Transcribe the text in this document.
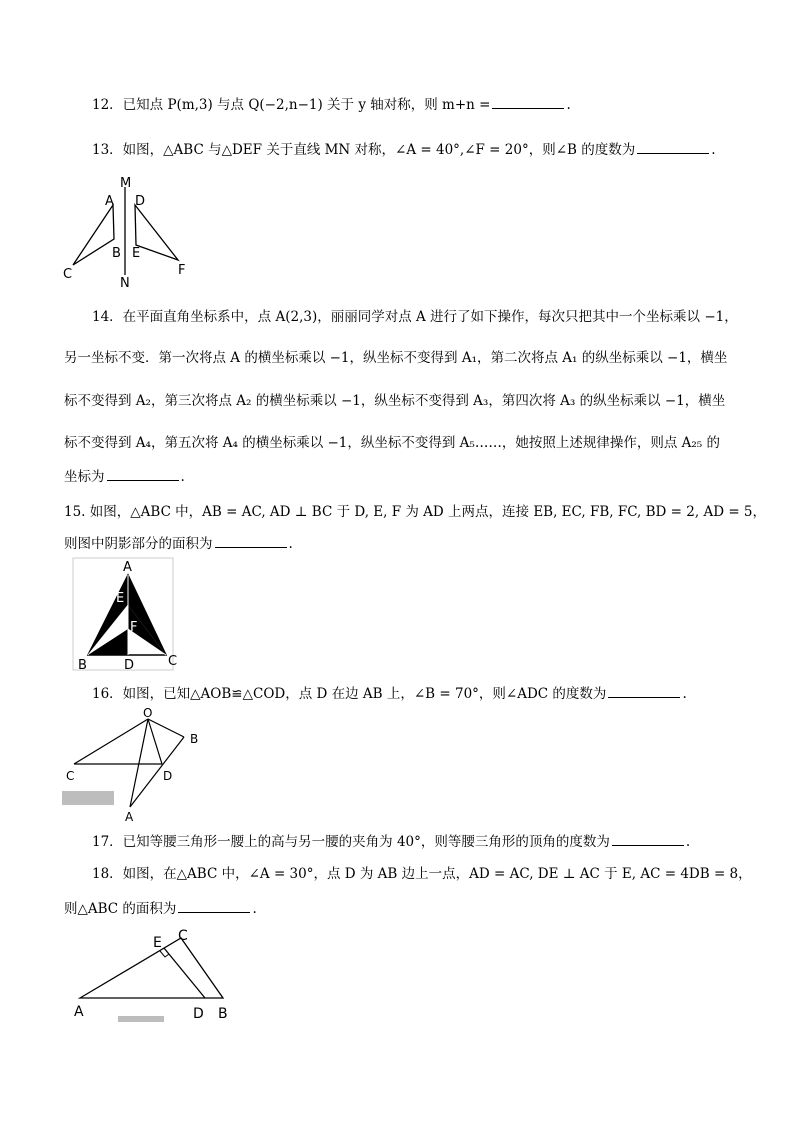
12．已知点 P(m,3) 与点 Q(−2,n−1) 关于 y 轴对称，则 m+n =	.
13．如图，△ABC 与△DEF 关于直线 MN 对称，∠A = 40°,∠F = 20°，则∠B 的度数为	.
M
N
A
B
C
D
E
F
14．在平面直角坐标系中，点 A(2,3)，丽丽同学对点 A 进行了如下操作，每次只把其中一个坐标乘以 −1，
另一坐标不变．第一次将点 A 的横坐标乘以 −1，纵坐标不变得到 A₁，第二次将点 A₁ 的纵坐标乘以 −1，横坐
标不变得到 A₂，第三次将点 A₂ 的横坐标乘以 −1，纵坐标不变得到 A₃，第四次将 A₃ 的纵坐标乘以 −1，横坐
标不变得到 A₄，第五次将 A₄ 的横坐标乘以 −1，纵坐标不变得到 A₅……，她按照上述规律操作，则点 A₂₅ 的
坐标为	.
15. 如图，△ABC 中，AB = AC, AD ⊥ BC 于 D, E, F 为 AD 上两点，连接 EB, EC, FB, FC, BD = 2, AD = 5，
则图中阴影部分的面积为	.
A
E
F
B	D	C
16．如图，已知△AOB≌△COD，点 D 在边 AB 上，∠B = 70°，则∠ADC 的度数为	.
O
B
C	D
A
17．已知等腰三角形一腰上的高与另一腰的夹角为 40°，则等腰三角形的顶角的度数为	.
18．如图，在△ABC 中，∠A = 30°，点 D 为 AB 边上一点，AD = AC, DE ⊥ AC 于 E, AC = 4DB = 8，
则△ABC 的面积为	.
E C
A	D B
